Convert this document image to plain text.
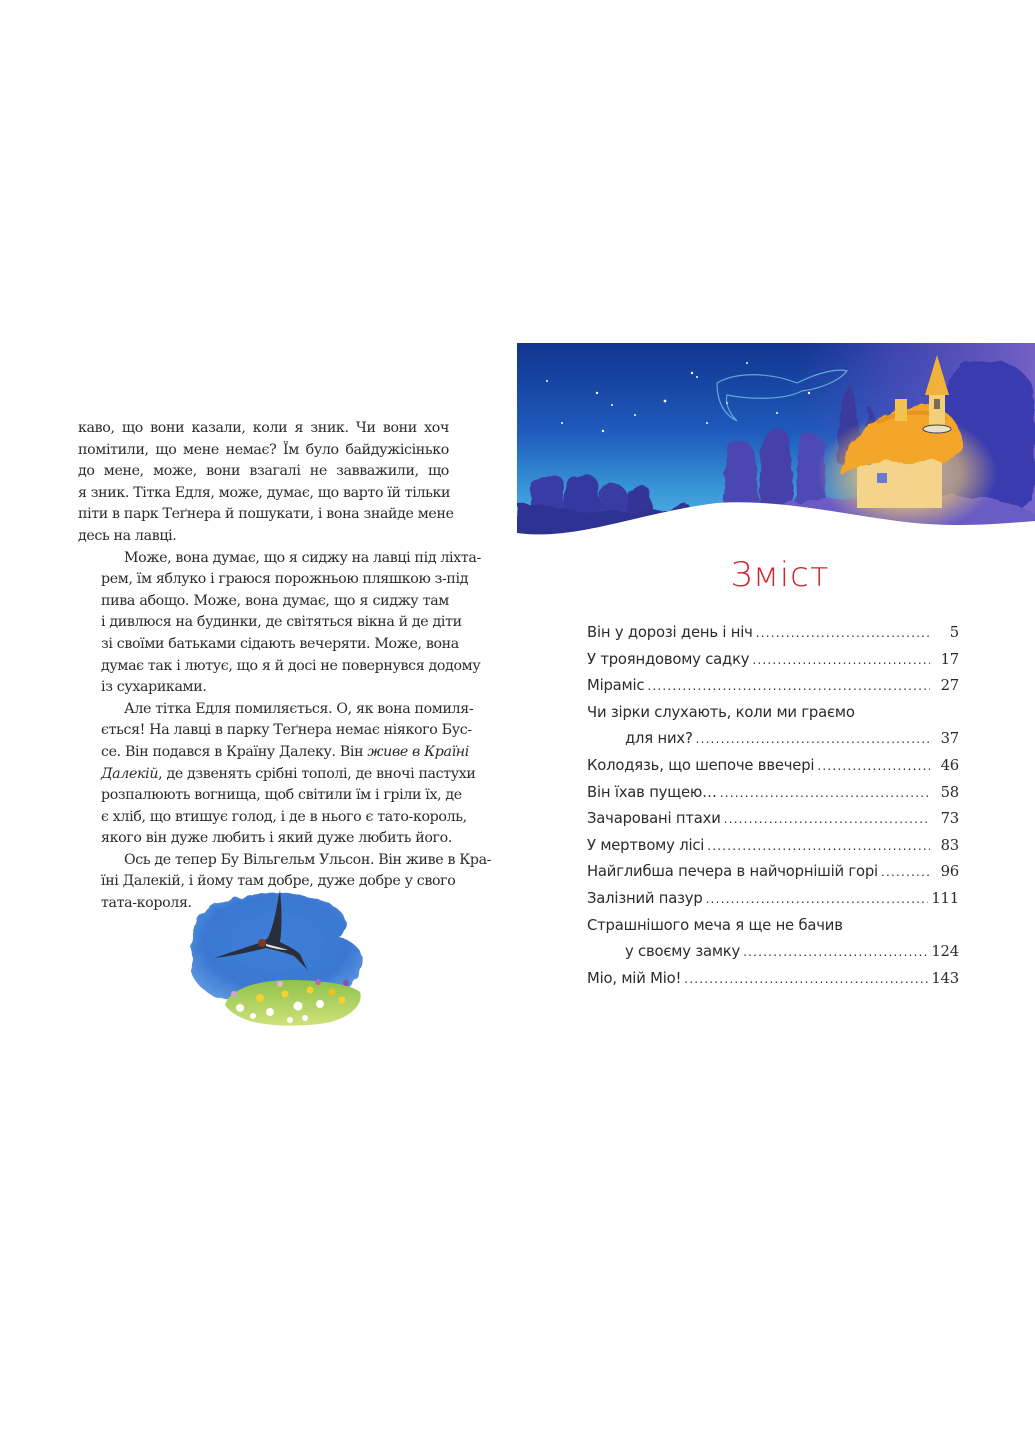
каво, що вони казали, коли я зник. Чи вони хоч
помітили, що мене немає? Їм було байдужісінько
до мене, може, вони взагалі не завважили, що
я зник. Тітка Едля, може, думає, що варто їй тільки
піти в парк Теґнера й пошукати, і вона знайде мене
десь на лавці.

Може, вона думає, що я сиджу на лавці під ліхта-
рем, їм яблуко і граюся порожньою пляшкою з-під
пива абощо. Може, вона думає, що я сиджу там
і дивлюся на будинки, де світяться вікна й де діти
зі своїми батьками сідають вечеряти. Може, вона
думає так і лютує, що я й досі не повернувся додому
із сухариками.

Але тітка Едля помиляється. О, як вона помиля-
ється! На лавці в парку Теґнера немає ніякого Бус-
се. Він подався в Країну Далеку. Він живе в Країні
Далекій, де дзвенять срібні тополі, де вночі пастухи
розпалюють вогнища, щоб світили їм і гріли їх, де
є хліб, що втишує голод, і де в нього є тато-король,
якого він дуже любить і який дуже любить його.

Ось де тепер Бу Вільгельм Ульсон. Він живе в Кра-
їні Далекій, і йому там добре, дуже добре у свого
тата-короля.

Зміст
Він у дорозі день і ніч .....	5
У трояндовому садку .....	17
Мірамiс .....	27
Чи зірки слухають, коли ми граємо
для них? .....	37
Колодязь, що шепоче ввечері .....	46
Він їхав пущею… .....	58
Зачаровані птахи .....	73
У мертвому лісі .....	83
Найглибша печера в найчорнішій горі .....	96
Залізний пазур .....	111
Страшнішого меча я ще не бачив
у своєму замку .....	124
Міо, мій Міо! .....	143
